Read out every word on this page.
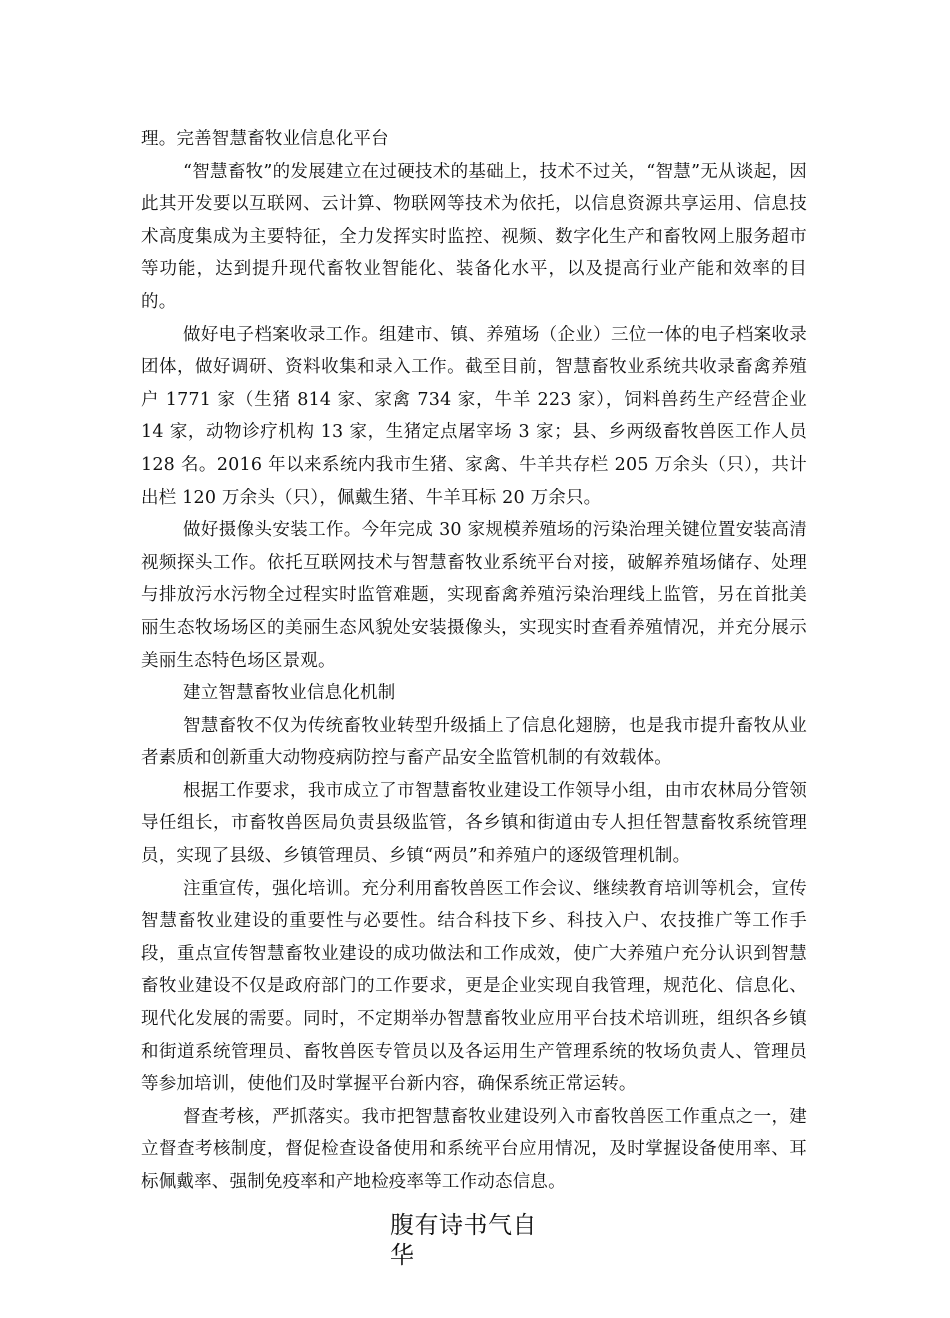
理。完善智慧畜牧业信息化平台

“智慧畜牧”的发展建立在过硬技术的基础上，技术不过关，“智慧”无从谈起，因此其开发要以互联网、云计算、物联网等技术为依托，以信息资源共享运用、信息技术高度集成为主要特征，全力发挥实时监控、视频、数字化生产和畜牧网上服务超市等功能，达到提升现代畜牧业智能化、装备化水平，以及提高行业产能和效率的目的。

做好电子档案收录工作。组建市、镇、养殖场（企业）三位一体的电子档案收录团体，做好调研、资料收集和录入工作。截至目前，智慧畜牧业系统共收录畜禽养殖户 1771 家（生猪 814 家、家禽 734 家，牛羊 223 家），饲料兽药生产经营企业 14 家，动物诊疗机构 13 家，生猪定点屠宰场 3 家；县、乡两级畜牧兽医工作人员 128 名。2016 年以来系统内我市生猪、家禽、牛羊共存栏 205 万余头（只），共计出栏 120 万余头（只），佩戴生猪、牛羊耳标 20 万余只。

做好摄像头安装工作。今年完成 30 家规模养殖场的污染治理关键位置安装高清视频探头工作。依托互联网技术与智慧畜牧业系统平台对接，破解养殖场储存、处理与排放污水污物全过程实时监管难题，实现畜禽养殖污染治理线上监管，另在首批美丽生态牧场场区的美丽生态风貌处安装摄像头，实现实时查看养殖情况，并充分展示美丽生态特色场区景观。

建立智慧畜牧业信息化机制

智慧畜牧不仅为传统畜牧业转型升级插上了信息化翅膀，也是我市提升畜牧从业者素质和创新重大动物疫病防控与畜产品安全监管机制的有效载体。

根据工作要求，我市成立了市智慧畜牧业建设工作领导小组，由市农林局分管领导任组长，市畜牧兽医局负责县级监管，各乡镇和街道由专人担任智慧畜牧系统管理员，实现了县级、乡镇管理员、乡镇“两员”和养殖户的逐级管理机制。

注重宣传，强化培训。充分利用畜牧兽医工作会议、继续教育培训等机会，宣传智慧畜牧业建设的重要性与必要性。结合科技下乡、科技入户、农技推广等工作手段，重点宣传智慧畜牧业建设的成功做法和工作成效，使广大养殖户充分认识到智慧畜牧业建设不仅是政府部门的工作要求，更是企业实现自我管理，规范化、信息化、现代化发展的需要。同时，不定期举办智慧畜牧业应用平台技术培训班，组织各乡镇和街道系统管理员、畜牧兽医专管员以及各运用生产管理系统的牧场负责人、管理员等参加培训，使他们及时掌握平台新内容，确保系统正常运转。

督查考核，严抓落实。我市把智慧畜牧业建设列入市畜牧兽医工作重点之一，建立督查考核制度，督促检查设备使用和系统平台应用情况，及时掌握设备使用率、耳标佩戴率、强制免疫率和产地检疫率等工作动态信息。

腹有诗书气自华
